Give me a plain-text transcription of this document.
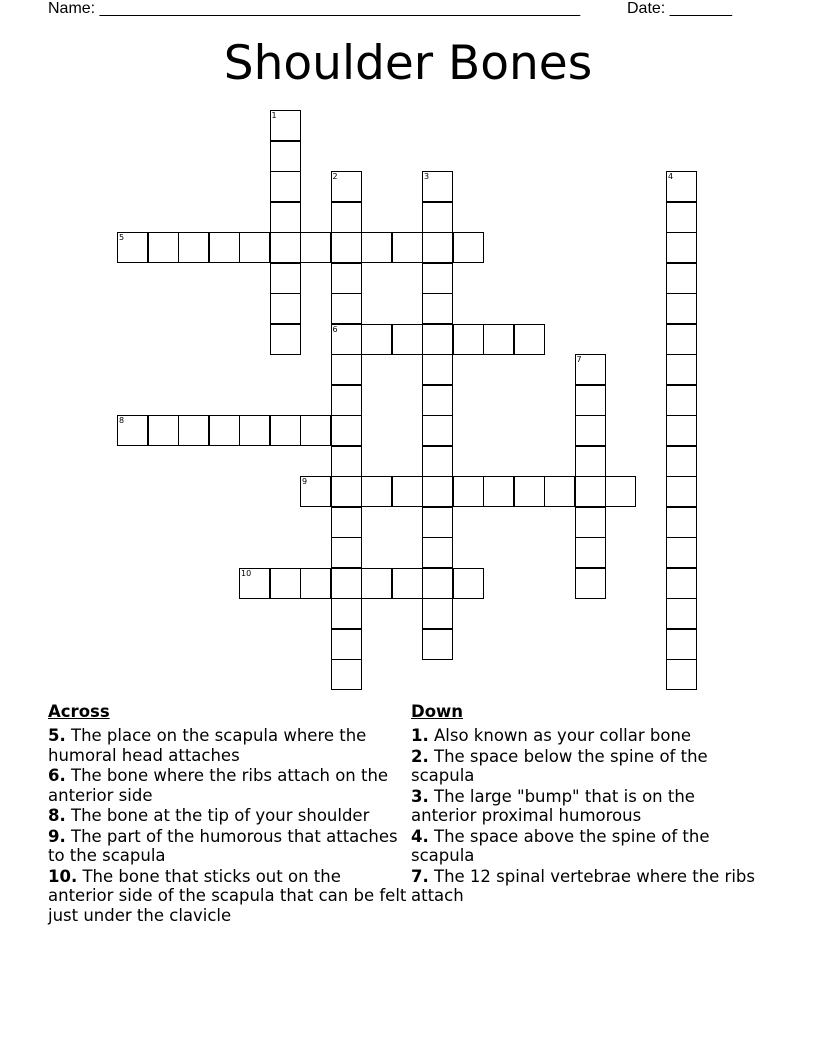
Name: ______________________________________________________	Date: _______
Shoulder Bones
1
2
6
3	4
5
7
8
9
10
Across
5. The place on the scapula where the humoral head attaches
6. The bone where the ribs attach on the anterior side
8. The bone at the tip of your shoulder
9. The part of the humorous that attaches to the scapula
10. The bone that sticks out on the anterior side of the scapula that can be felt just under the clavicle
Down
1. Also known as your collar bone
2. The space below the spine of the scapula
3. The large "bump" that is on the anterior proximal humorous
4. The space above the spine of the scapula
7. The 12 spinal vertebrae where the ribs attach
